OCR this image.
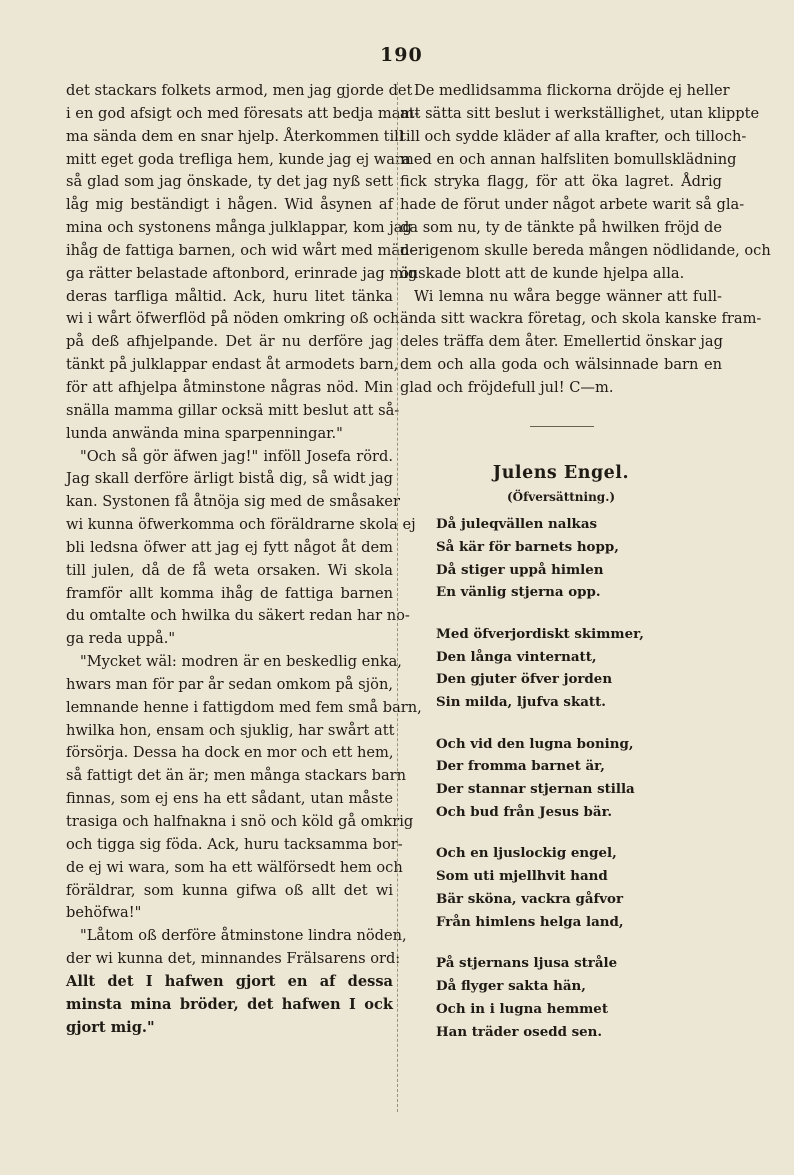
190
det stackars folkets armod, men jag gjorde det
i en god afsigt och med föresats att bedja mam-
ma sända dem en snar hjelp. Återkommen till
mitt eget goda trefliga hem, kunde jag ej wara
så glad som jag önskade, ty det jag nyß sett
låg mig beständigt i hågen. Wid åsynen af
mina och systonens många julklappar, kom jag
ihåg de fattiga barnen, och wid wårt med män-
ga rätter belastade aftonbord, erinrade jag mig
deras tarfliga måltid. Ack, huru litet tänka
wi i wårt öfwerflöd på nöden omkring oß och
på deß afhjelpande. Det är nu derföre jag
tänkt på julklappar endast åt armodets barn,
för att afhjelpa åtminstone någras nöd. Min
snälla mamma gillar ocksä mitt beslut att så-
lunda anwända mina sparpenningar."
"Och så gör äfwen jag!" inföll Josefa rörd.
Jag skall derföre ärligt bistå dig, så widt jag
kan. Systonen få åtnöja sig med de småsaker
wi kunna öfwerkomma och föräldrarne skola ej
bli ledsna öfwer att jag ej fytt något åt dem
till julen, då de få weta orsaken. Wi skola
framför allt komma ihåg de fattiga barnen
du omtalte och hwilka du säkert redan har no-
ga reda uppå."
"Mycket wäl: modren är en beskedlig enka,
hwars man för par år sedan omkom på sjön,
lemnande henne i fattigdom med fem små barn,
hwilka hon, ensam och sjuklig, har swårt att
försörja. Dessa ha dock en mor och ett hem,
så fattigt det än är; men många stackars barn
finnas, som ej ens ha ett sådant, utan måste
trasiga och halfnakna i snö och köld gå omkrig
och tigga sig föda. Ack, huru tacksamma bor-
de ej wi wara, som ha ett wälförsedt hem och
föräldrar, som kunna gifwa oß allt det wi
behöfwa!"
"Låtom oß derföre åtminstone lindra nöden,
der wi kunna det, minnandes Frälsarens ord:
Allt det I hafwen gjort en af dessa
minsta mina bröder, det hafwen I ock
gjort mig."
De medlidsamma flickorna dröjde ej heller
att sätta sitt beslut i werkställighet, utan klippte
till och sydde kläder af alla krafter, och tilloch-
med en och annan halfsliten bomullsklädning
fick stryka flagg, för att öka lagret. Ådrig
hade de förut under något arbete warit så gla-
da som nu, ty de tänkte på hwilken fröjd de
derigenom skulle bereda mången nödlidande, och
önskade blott att de kunde hjelpa alla.
Wi lemna nu wåra begge wänner att full-
ända sitt wackra företag, och skola kanske fram-
deles träffa dem åter. Emellertid önskar jag
dem och alla goda och wälsinnade barn en
glad och fröjdefull jul! C—m.
Julens Engel.
(Öfversättning.)
Då juleqvällen nalkas
Så kär för barnets hopp,
Då stiger uppå himlen
En vänlig stjerna opp.
Med öfverjordiskt skimmer,
Den långa vinternatt,
Den gjuter öfver jorden
Sin milda, ljufva skatt.
Och vid den lugna boning,
Der fromma barnet är,
Der stannar stjernan stilla
Och bud från Jesus bär.
Och en ljuslockig engel,
Som uti mjellhvit hand
Bär sköna, vackra gåfvor
Från himlens helga land,
På stjernans ljusa stråle
Då flyger sakta hän,
Och in i lugna hemmet
Han träder osedd sen.
